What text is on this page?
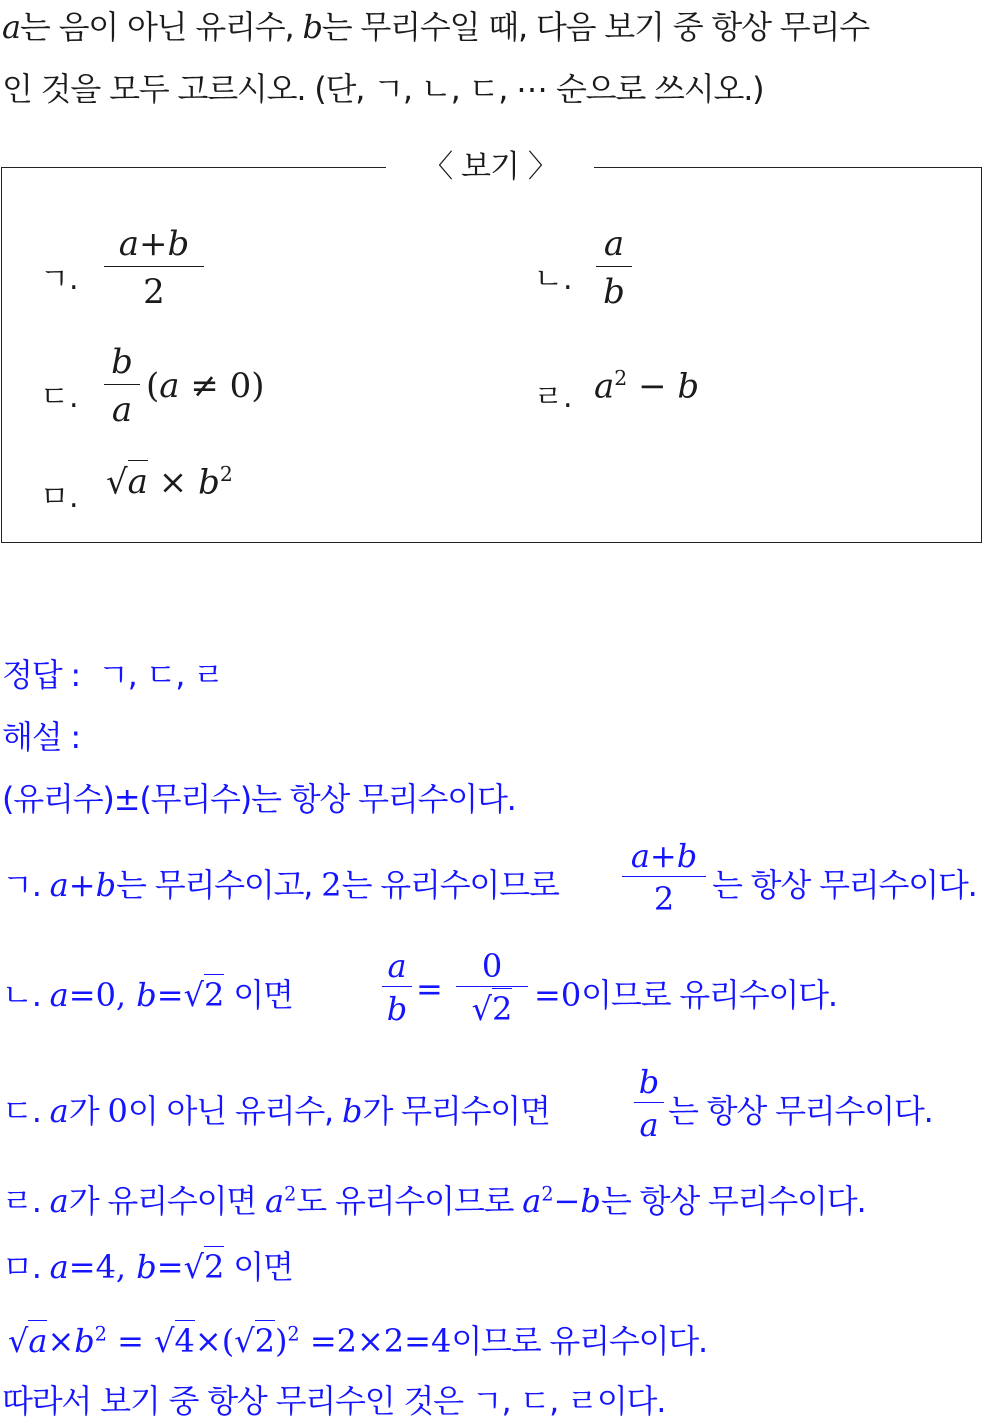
a는 음이 아닌 유리수, b는 무리수일 때, 다음 보기 중 항상 무리수
인 것을 모두 고르시오. (단, ㄱ, ㄴ, ㄷ, ⋯ 순으로 쓰시오.)
〈 보기 〉
ㄱ.
a+b
2	ㄴ.
a
b
ㄷ.
b
a
(a ≠ 0)	ㄹ. $a^2 - b$
ㅁ. $√a \times b^2$
정답 : ㄱ, ㄷ, ㄹ
해설 :
(유리수)±(무리수)는 항상 무리수이다.
ㄱ. a+b는 무리수이고, 2는 유리수이므로
a+b
2	는 항상 무리수이다.
ㄴ. a=0, b=√2 이면
a
b
=
0
√2 =0이므로 유리수이다.
ㄷ. a가 0이 아닌 유리수, b가 무리수이면
b
a 는 항상 무리수이다.
ㄹ. a가 유리수이면 $a^2$도 유리수이므로 $a^2-b$는 항상 무리수이다.
ㅁ. a=4, b=√2 이면
$√a\times b^2 = √4\times(√2)^2 =2\times 2=4$이므로 유리수이다.
따라서 보기 중 항상 무리수인 것은 ㄱ, ㄷ, ㄹ이다.
